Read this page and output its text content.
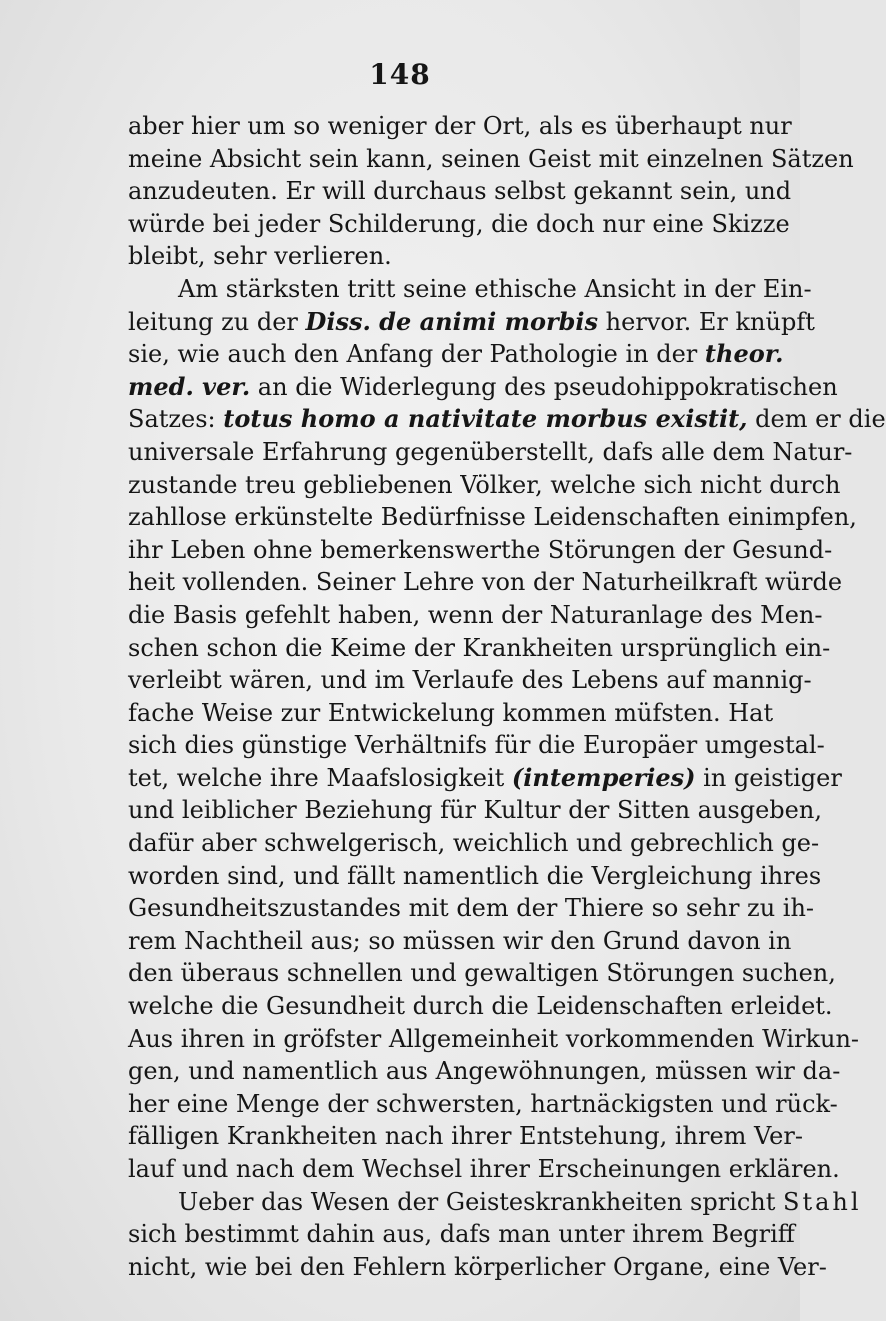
148
aber hier um so weniger der Ort, als es überhaupt nur
meine Absicht sein kann, seinen Geist mit einzelnen Sätzen
anzudeuten. Er will durchaus selbst gekannt sein, und
würde bei jeder Schilderung, die doch nur eine Skizze
bleibt, sehr verlieren.
Am stärksten tritt seine ethische Ansicht in der Ein-
leitung zu der Diss. de animi morbis hervor. Er knüpft
sie, wie auch den Anfang der Pathologie in der theor.
med. ver. an die Widerlegung des pseudohippokratischen
Satzes: totus homo a nativitate morbus existit, dem er die
universale Erfahrung gegenüberstellt, dafs alle dem Natur-
zustande treu gebliebenen Völker, welche sich nicht durch
zahllose erkünstelte Bedürfnisse Leidenschaften einimpfen,
ihr Leben ohne bemerkenswerthe Störungen der Gesund-
heit vollenden. Seiner Lehre von der Naturheilkraft würde
die Basis gefehlt haben, wenn der Naturanlage des Men-
schen schon die Keime der Krankheiten ursprünglich ein-
verleibt wären, und im Verlaufe des Lebens auf mannig-
fache Weise zur Entwickelung kommen müfsten. Hat
sich dies günstige Verhältnifs für die Europäer umgestal-
tet, welche ihre Maafslosigkeit (intemperies) in geistiger
und leiblicher Beziehung für Kultur der Sitten ausgeben,
dafür aber schwelgerisch, weichlich und gebrechlich ge-
worden sind, und fällt namentlich die Vergleichung ihres
Gesundheitszustandes mit dem der Thiere so sehr zu ih-
rem Nachtheil aus; so müssen wir den Grund davon in
den überaus schnellen und gewaltigen Störungen suchen,
welche die Gesundheit durch die Leidenschaften erleidet.
Aus ihren in gröfster Allgemeinheit vorkommenden Wirkun-
gen, und namentlich aus Angewöhnungen, müssen wir da-
her eine Menge der schwersten, hartnäckigsten und rück-
fälligen Krankheiten nach ihrer Entstehung, ihrem Ver-
lauf und nach dem Wechsel ihrer Erscheinungen erklären.
Ueber das Wesen der Geisteskrankheiten spricht Stahl
sich bestimmt dahin aus, dafs man unter ihrem Begriff
nicht, wie bei den Fehlern körperlicher Organe, eine Ver-
